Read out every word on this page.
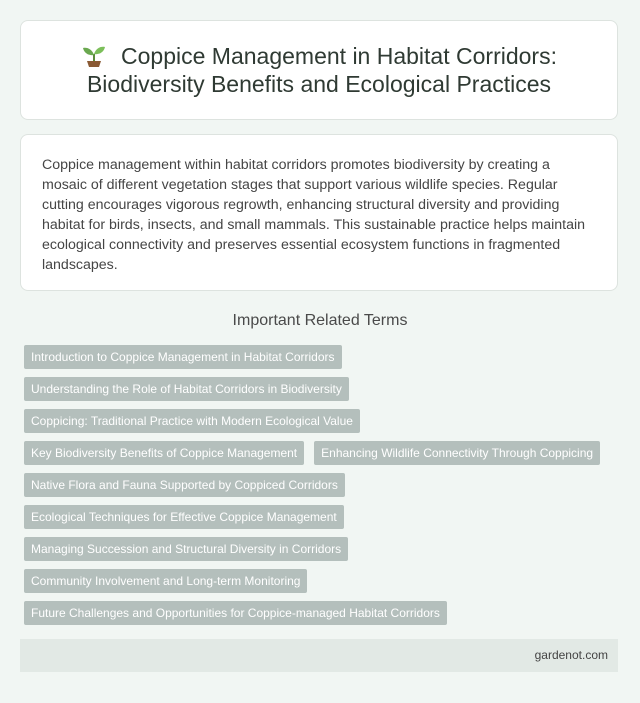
Coppice Management in Habitat Corridors: Biodiversity Benefits and Ecological Practices

Coppice management within habitat corridors promotes biodiversity by creating a mosaic of different vegetation stages that support various wildlife species. Regular cutting encourages vigorous regrowth, enhancing structural diversity and providing habitat for birds, insects, and small mammals. This sustainable practice helps maintain ecological connectivity and preserves essential ecosystem functions in fragmented landscapes.

Important Related Terms
Introduction to Coppice Management in Habitat Corridors
Understanding the Role of Habitat Corridors in Biodiversity
Coppicing: Traditional Practice with Modern Ecological Value
Key Biodiversity Benefits of Coppice Management	Enhancing Wildlife Connectivity Through Coppicing
Native Flora and Fauna Supported by Coppiced Corridors
Ecological Techniques for Effective Coppice Management
Managing Succession and Structural Diversity in Corridors
Community Involvement and Long-term Monitoring
Future Challenges and Opportunities for Coppice-managed Habitat Corridors
gardenot.com
